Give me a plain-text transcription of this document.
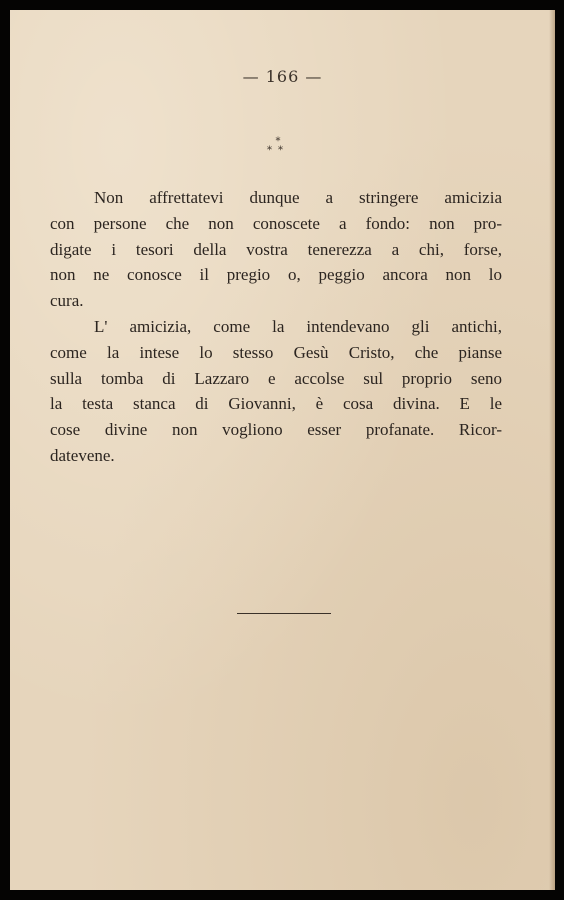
— 166 —
*
**

Non affrettatevi dunque a stringere amicizia
con persone che non conoscete a fondo: non pro-
digate i tesori della vostra tenerezza a chi, forse,
non ne conosce il pregio o, peggio ancora non lo
cura.

L' amicizia, come la intendevano gli antichi,
come la intese lo stesso Gesù Cristo, che pianse
sulla tomba di Lazzaro e accolse sul proprio seno
la testa stanca di Giovanni, è cosa divina. E le
cose divine non vogliono esser profanate. Ricor-
datevene.
